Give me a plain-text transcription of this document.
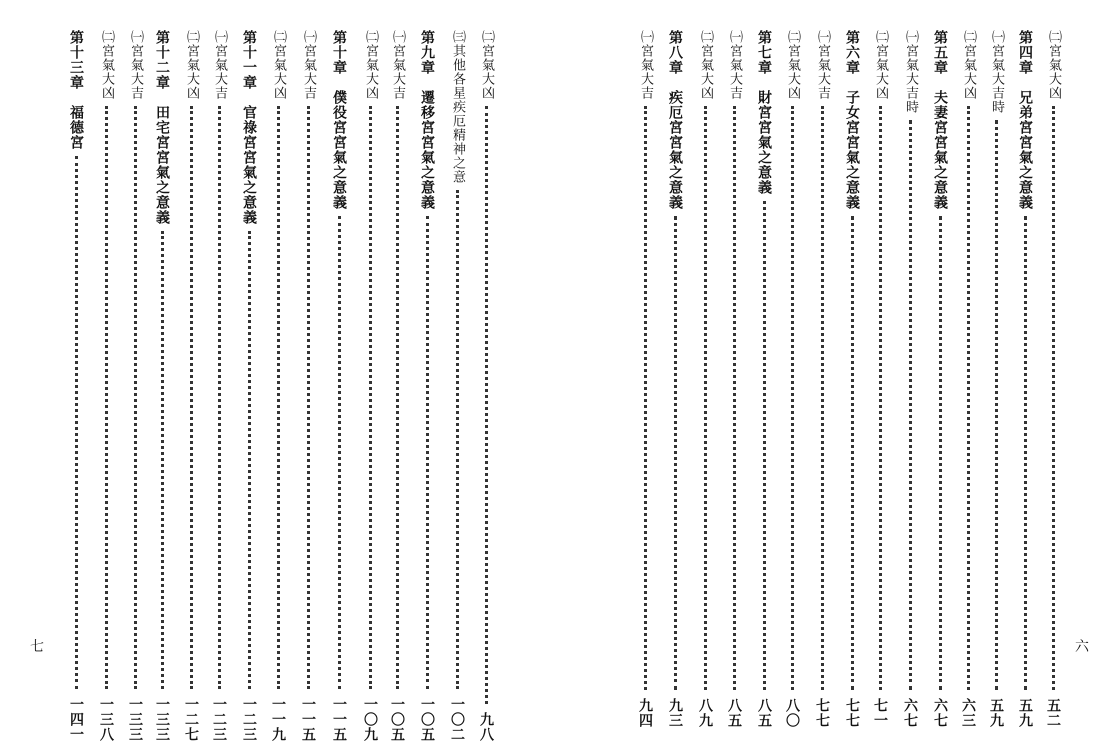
七
㈡宮氣大凶
九八
㈢其他各星疾厄精神之意
一〇二
第九章　遷移宮宮氣之意義
一〇五
㈠宮氣大吉
一〇五
㈡宮氣大凶
一〇九
第十章　僕役宮宮氣之意義
一一五
㈠宮氣大吉
一一五
㈡宮氣大凶
一一九
第十一章　官祿宮宮氣之意義
一二三
㈠宮氣大吉
一二三
㈡宮氣大凶
一二七
第十二章　田宅宮宮氣之意義
一三三
㈠宮氣大吉
一三三
㈡宮氣大凶
一三八
第十三章　福德宮
一四一
六
㈡宮氣大凶
五二
第四章　兄弟宮宮氣之意義
五九
㈠宮氣大吉時
五九
㈡宮氣大凶
六三
第五章　夫妻宮宮氣之意義
六七
㈠宮氣大吉時
六七
㈡宮氣大凶
七一
第六章　子女宮宮氣之意義
七七
㈠宮氣大吉
七七
㈡宮氣大凶
八〇
第七章　財宮宮氣之意義
八五
㈠宮氣大吉
八五
㈡宮氣大凶
八九
第八章　疾厄宮宮氣之意義
九三
㈠宮氣大吉
九四
